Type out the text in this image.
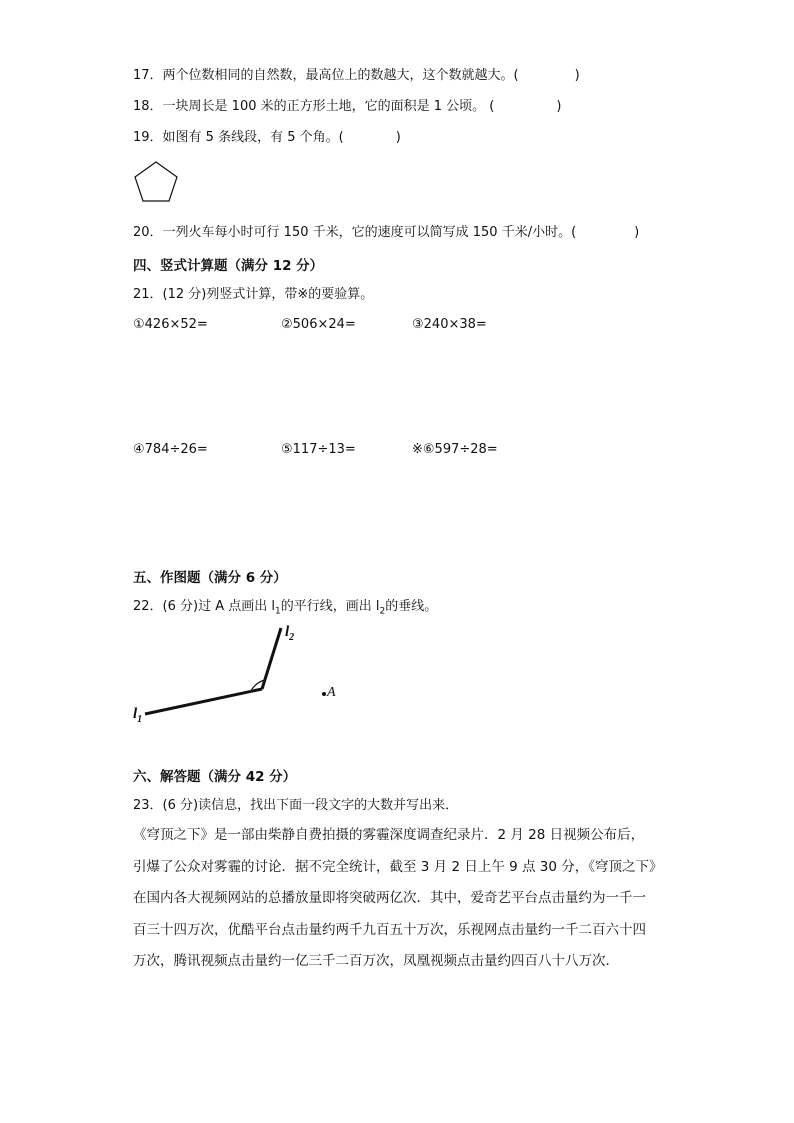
17．两个位数相同的自然数，最高位上的数越大，这个数就越大。(	)
18．一块周长是 100 米的正方形土地，它的面积是 1 公顷。 (	)
19．如图有 5 条线段，有 5 个角。(	)
20．一列火车每小时可行 150 千米，它的速度可以简写成 150 千米/小时。(	)
四、竖式计算题（满分 12 分）
21．(12 分)列竖式计算，带※的要验算。
①426×52=	②506×24=	③240×38=
④784÷26=	⑤117÷13=	※⑥597÷28=
五、作图题（满分 6 分）
22．(6 分)过 A 点画出 $l_1$的平行线，画出 $l_2$的垂线。
$l_1$
$l_2$
A
六、解答题（满分 42 分）
23．(6 分)读信息，找出下面一段文字的大数并写出来．
《穹顶之下》是一部由柴静自费拍摄的雾霾深度调查纪录片．2 月 28 日视频公布后，
引爆了公众对雾霾的讨论．据不完全统计，截至 3 月 2 日上午 9 点 30 分，《穹顶之下》
在国内各大视频网站的总播放量即将突破两亿次．其中，爱奇艺平台点击量约为一千一
百三十四万次，优酷平台点击量约两千九百五十万次，乐视网点击量约一千二百六十四
万次，腾讯视频点击量约一亿三千二百万次，凤凰视频点击量约四百八十八万次．
